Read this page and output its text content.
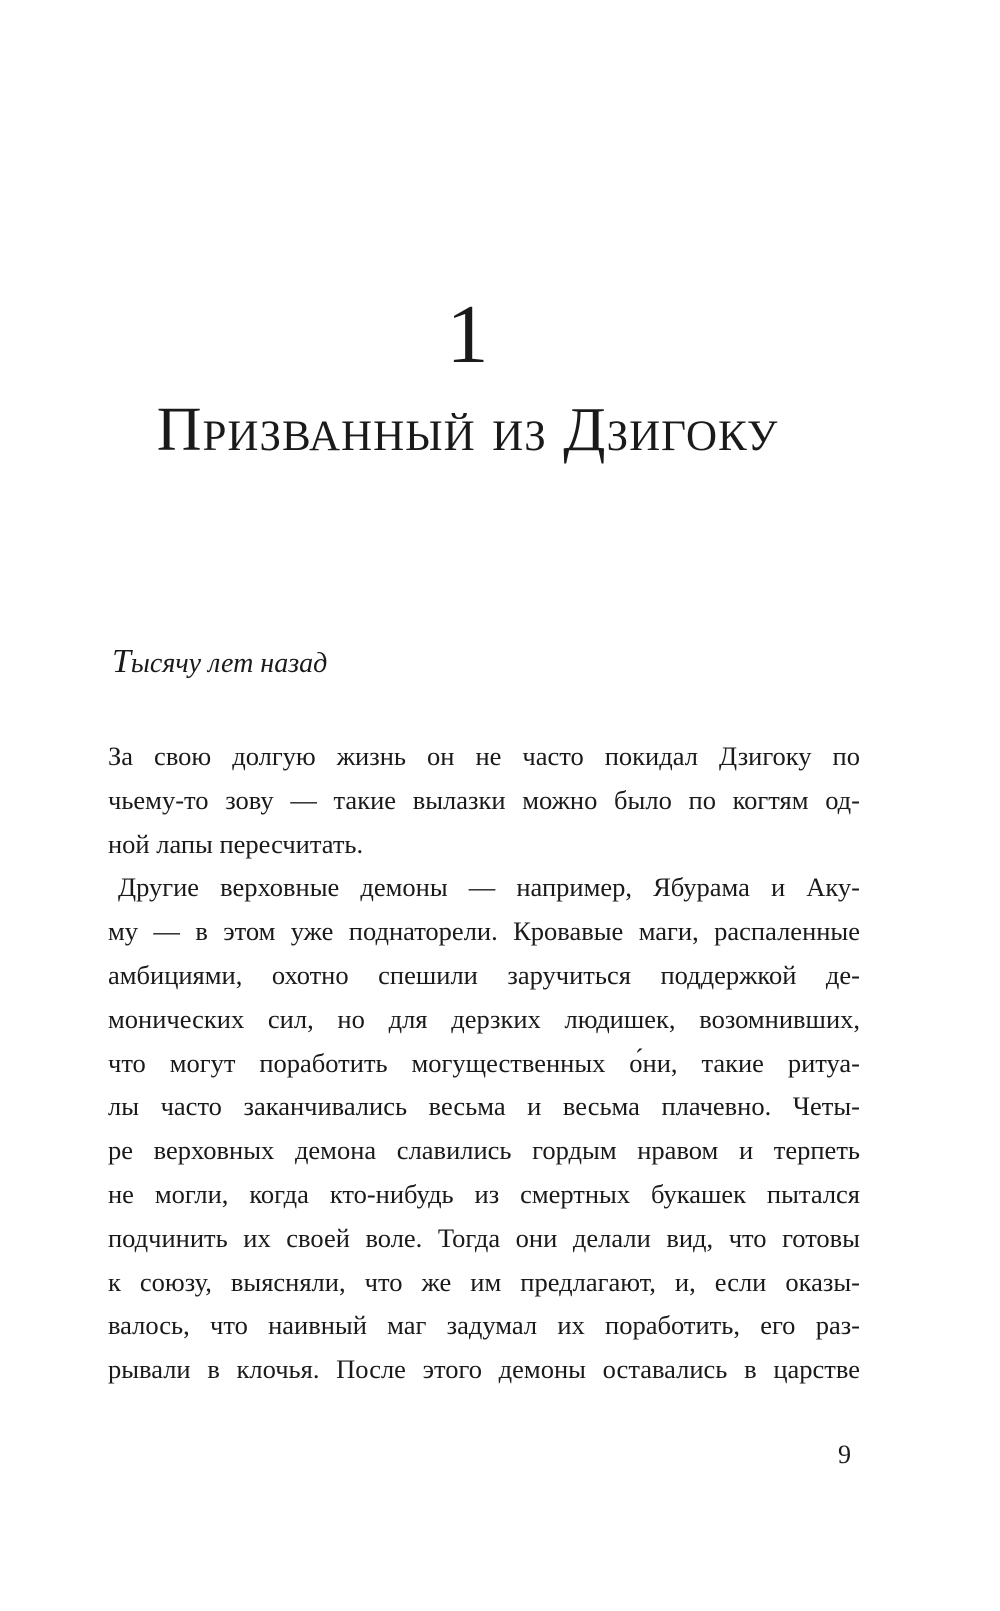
1
Призванный из Дзигоку
Тысячу лет назад
За свою долгую жизнь он не часто покидал Дзигоку по
чьему-то зову — такие вылазки можно было по когтям од-
ной лапы пересчитать.
Другие верховные демоны — например, Ябурама и Аку-
му — в этом уже поднаторели. Кровавые маги, распаленные
амбициями, охотно спешили заручиться поддержкой де-
монических сил, но для дерзких людишек, возомнивших,
что могут поработить могущественных о́ни, такие ритуа-
лы часто заканчивались весьма и весьма плачевно. Четы-
ре верховных демона славились гордым нравом и терпеть
не могли, когда кто-нибудь из смертных букашек пытался
подчинить их своей воле. Тогда они делали вид, что готовы
к союзу, выясняли, что же им предлагают, и, если оказы-
валось, что наивный маг задумал их поработить, его раз-
рывали в клочья. После этого демоны оставались в царстве
9
